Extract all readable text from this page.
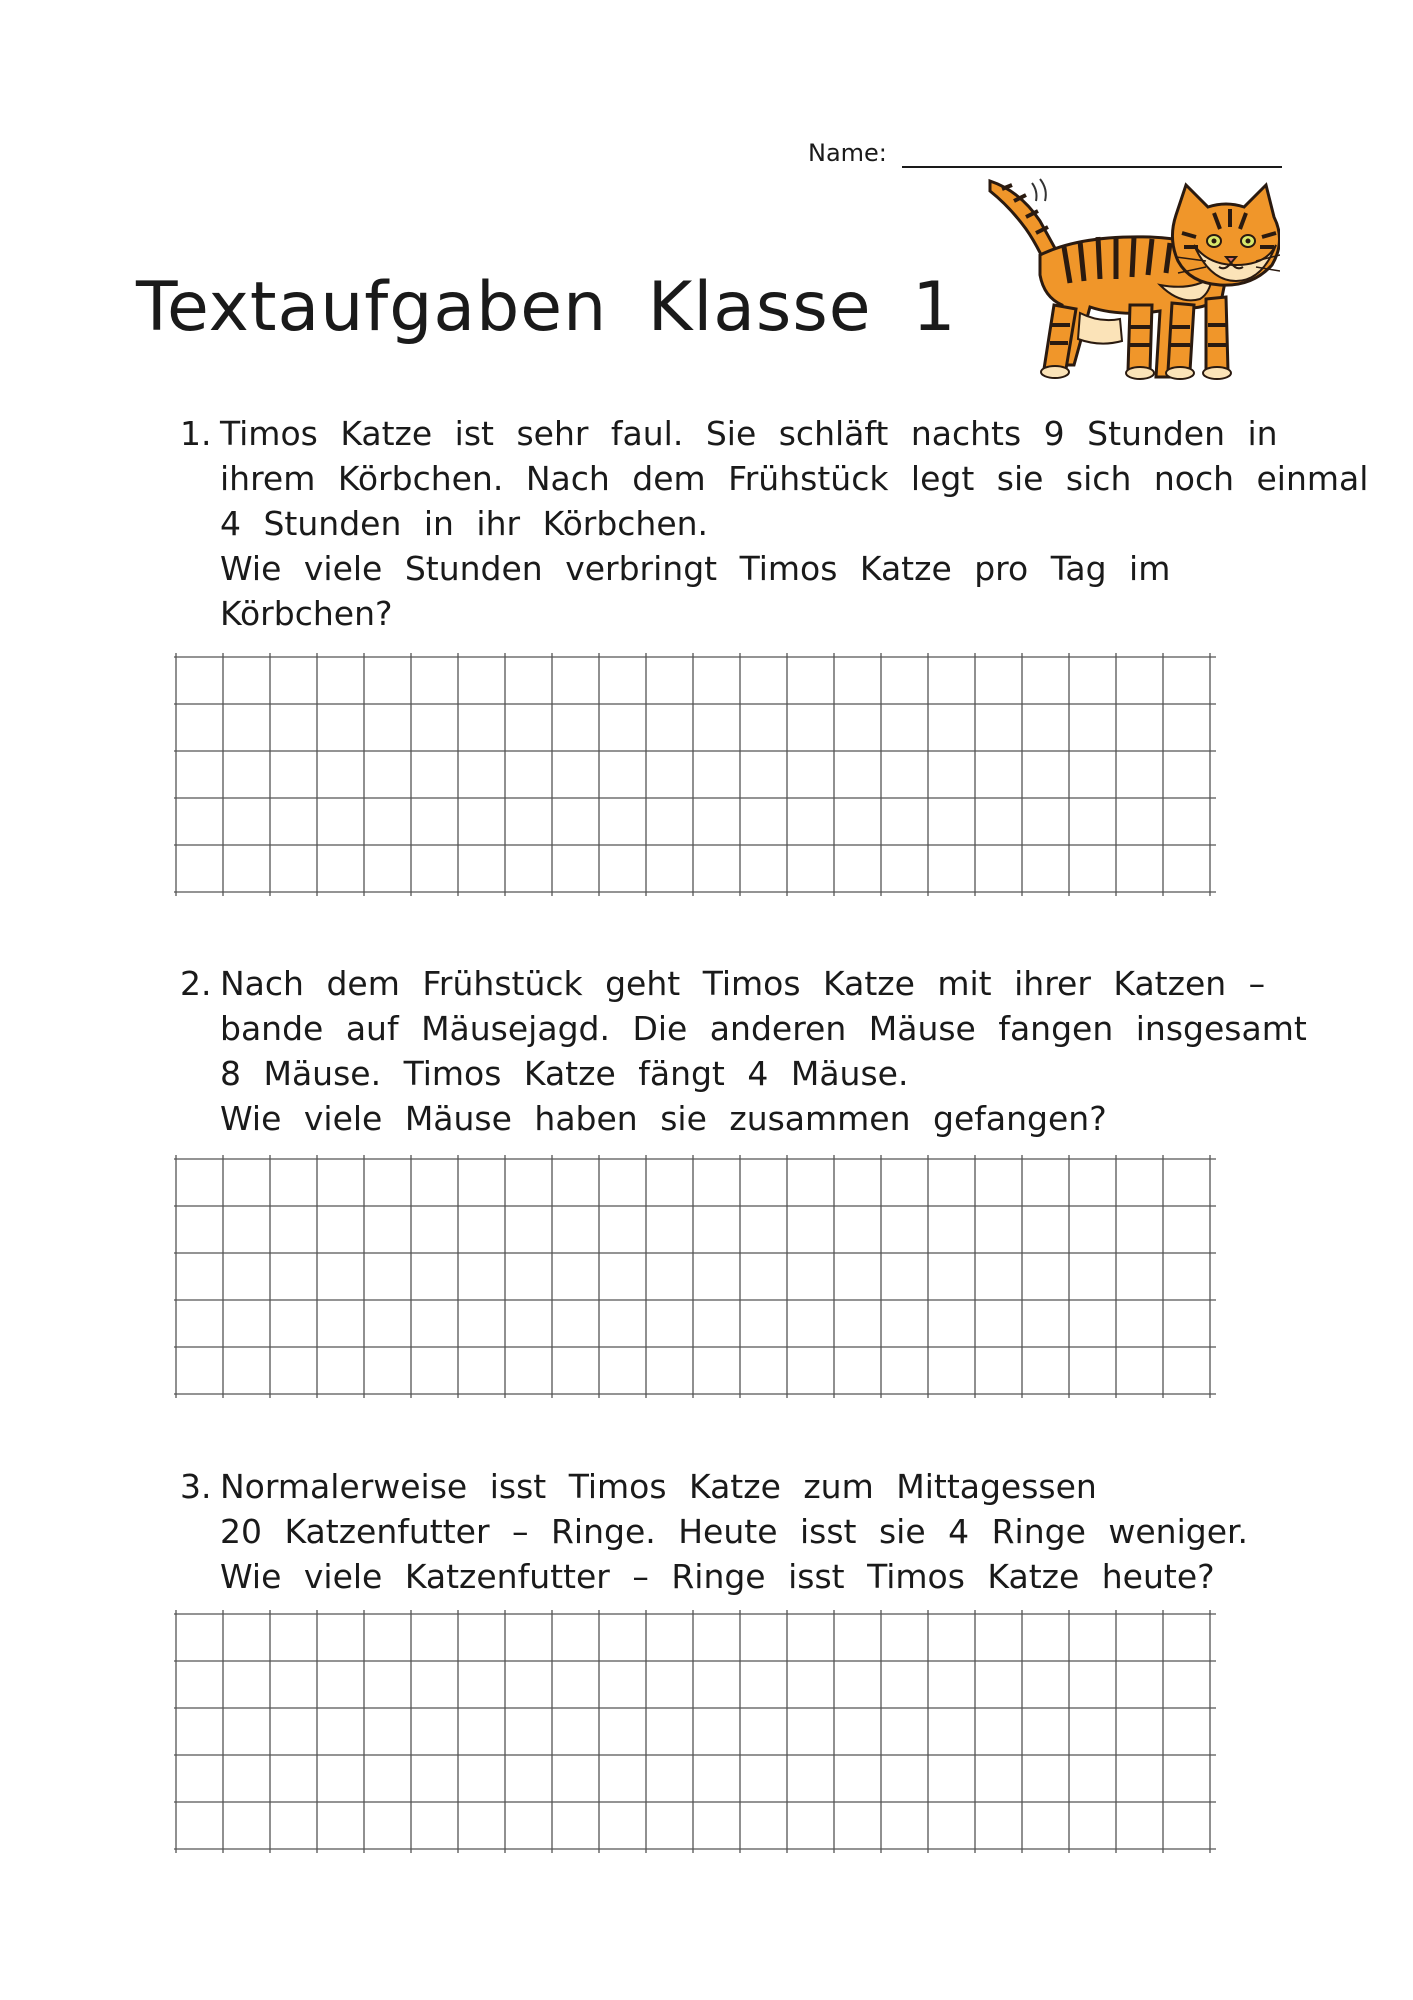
Name:
Textaufgaben Klasse 1
1. Timos Katze ist sehr faul. Sie schläft nachts 9 Stunden in
ihrem Körbchen. Nach dem Frühstück legt sie sich noch einmal
4 Stunden in ihr Körbchen.
Wie viele Stunden verbringt Timos Katze pro Tag im
Körbchen?
2. Nach dem Frühstück geht Timos Katze mit ihrer Katzen –
bande auf Mäusejagd. Die anderen Mäuse fangen insgesamt
8 Mäuse. Timos Katze fängt 4 Mäuse.
Wie viele Mäuse haben sie zusammen gefangen?
3. Normalerweise isst Timos Katze zum Mittagessen
20 Katzenfutter – Ringe. Heute isst sie 4 Ringe weniger.
Wie viele Katzenfutter – Ringe isst Timos Katze heute?
